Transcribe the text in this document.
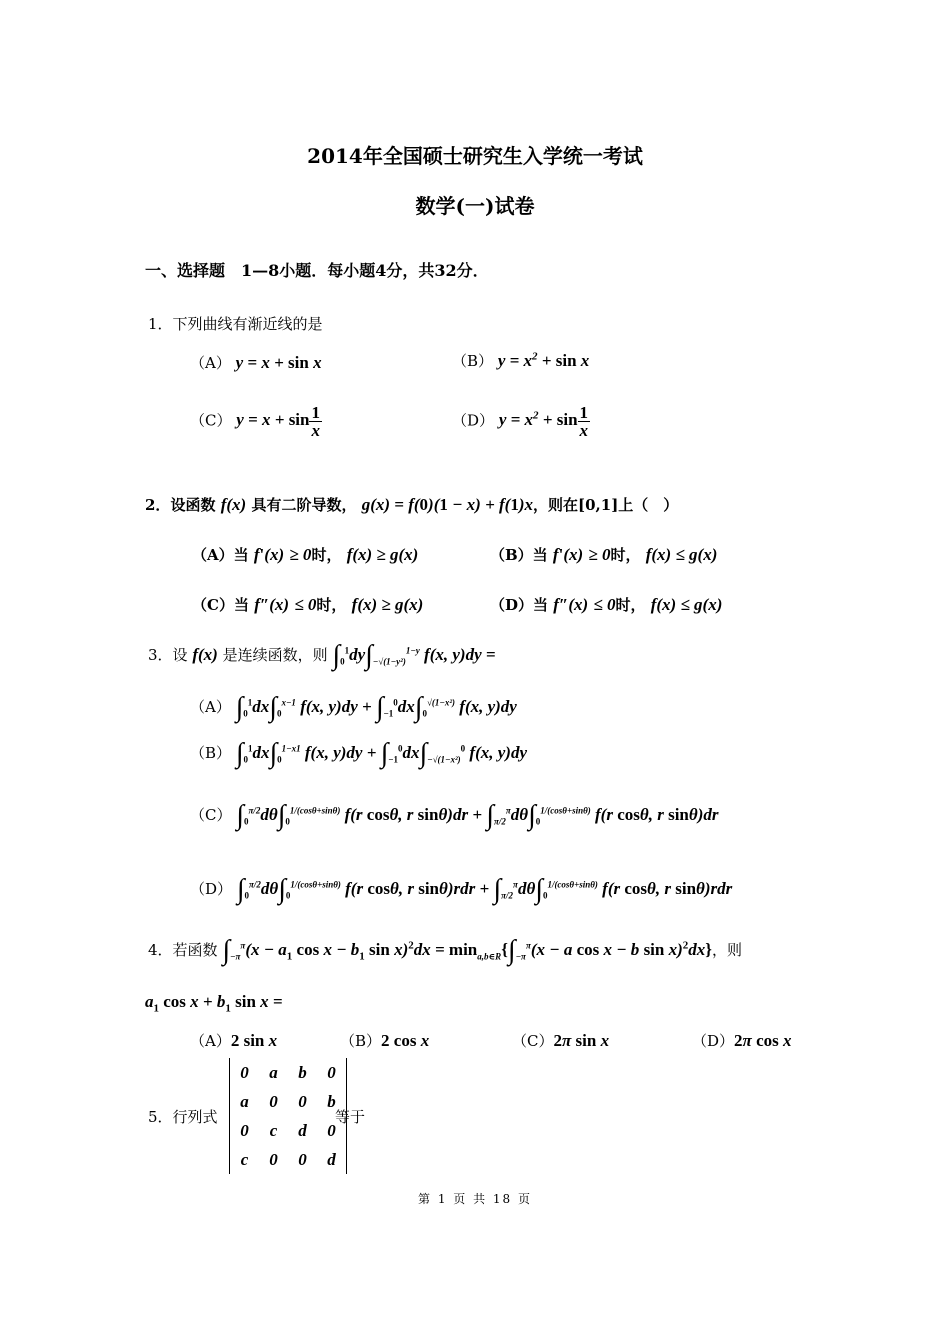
2014年全国硕士研究生入学统一考试
数学(一)试卷
一、选择题　1—8小题．每小题4分，共32分．
1．下列曲线有渐近线的是
（A） y = x + sin x	（B） $y = x^2 + \sin x$
（C） $y = x + \sin \frac{1}{x}$	（D） $y = x^2 + \sin \frac{1}{x}$
2．设函数 f(x) 具有二阶导数， g(x) = f(0)(1 − x) + f(1)x，则在[0,1]上（　）
（A）当 f'(x) ≥ 0时， f(x) ≥ g(x)	（B）当 f'(x) ≥ 0时， f(x) ≤ g(x)
（C）当 f″(x) ≤ 0时， f(x) ≥ g(x)	（D）当 f″(x) ≤ 0时， f(x) ≤ g(x)
3．设 f(x) 是连续函数，则 $\int_0^1dy\int_{-√(1-y^2)}^{1-y}$ f(x, y)dy =
（A） $\int_0^1dx\int_0^{x-1}$ f(x, $y)dy + \int_{-1}^0dx\int_0^{√(1-x^2)}$ f(x, y)dy
（B） $\int_0^1dx\int_0^{1-x1}$ f(x, $y)dy + \int_{-1}^0dx\int_{-√(1-x^2)}^0$ f(x, y)dy
（C） $\int_0^{\pi/2}d\theta\int_0^{1/(cos\theta+sin\theta)}$ f(r cosθ, r $\sin\theta)dr + \int_{\pi/2}^\pi d\theta\int_0^{1/(cos\theta+sin\theta)}$ f(r cosθ, r sinθ)dr
（D） $\int_0^{\pi/2}d\theta\int_0^{1/(cos\theta+sin\theta)}$ f(r cosθ, r $\sin\theta)rdr + \int_{\pi/2}^\pi d\theta\int_0^{1/(cos\theta+sin\theta)}$ f(r cosθ, r sinθ)rdr
4．若函数 $\int_{-\pi}^\pi(x - a_1$ $\cos x - b_1$ $\sin x)^2dx = \min_{a,b\in R}\{\int_{-\pi}^\pi(x - a$ cos x − b sin x)$^2$dx}，则
$a_1$ $\cos x + b_1$ sin x =
（A）2 sin x	（B）2 cos x	（C）2π sin x	（D）2π cos x
5．行列式
0	a	b	0
a	0	0	b
0	c	d	0
c	0	0	d
等于
第 1 页 共 18 页
